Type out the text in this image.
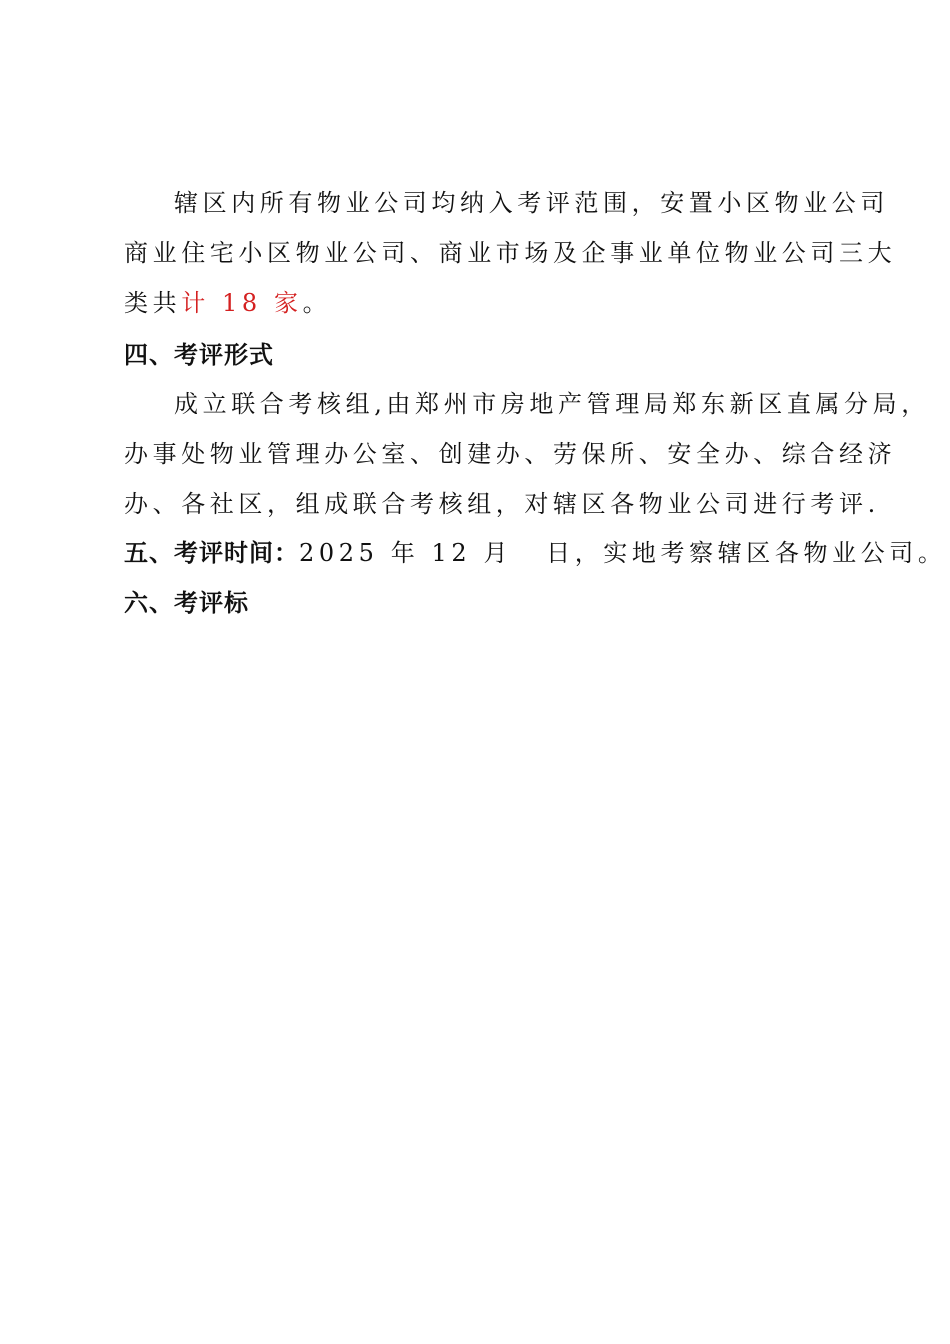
辖区内所有物业公司均纳入考评范围，安置小区物业公司
商业住宅小区物业公司、商业市场及企事业单位物业公司三大
类共计 18 家。
四、考评形式
成立联合考核组,由郑州市房地产管理局郑东新区直属分局，
办事处物业管理办公室、创建办、劳保所、安全办、综合经济
办、各社区，组成联合考核组，对辖区各物业公司进行考评.
五、考评时间：2025 年 12 月 日，实地考察辖区各物业公司。
六、考评标
